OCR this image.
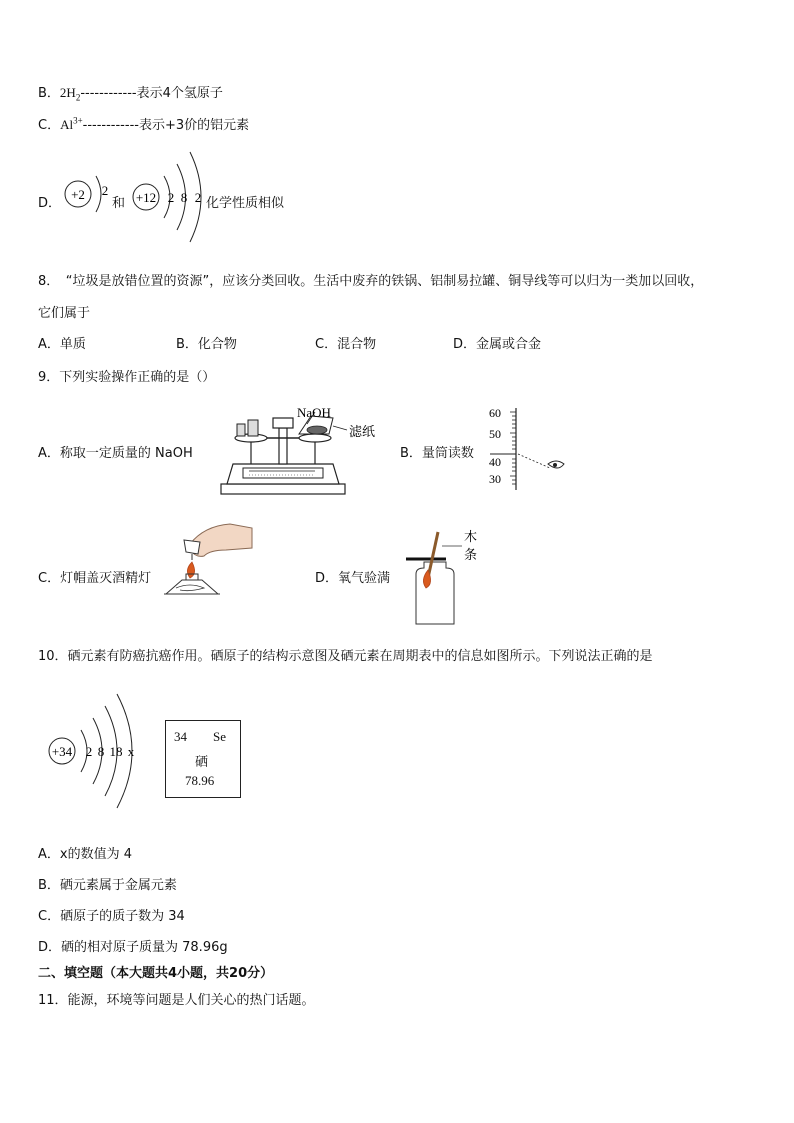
B．$2H_2------------$表示4个氢原子
C．$Al^{3+}------------$表示+3价的铝元素
D．
+2 2 +12 2 8 2
和	化学性质相似
8．　“垃圾是放错位置的资源”，应该分类回收。生活中废弃的铁锅、铝制易拉罐、铜导线等可以归为一类加以回收，
它们属于
A．单质	B．化合物	C．混合物	D．金属或合金
9．下列实验操作正确的是（）
A．称取一定质量的 NaOH
NaOH
滤纸
B．量筒读数
60
50
40
30
C．灯帽盖灭酒精灯	D．氧气验满
木
条
10．硒元素有防癌抗癌作用。硒原子的结构示意图及硒元素在周期表中的信息如图所示。下列说法正确的是
+34 2 8 18 x
34 Se
硒
78.96
A．x的数值为 4
B．硒元素属于金属元素
C．硒原子的质子数为 34
D．硒的相对原子质量为 78.96g
二、填空题（本大题共4小题，共20分）
11．能源，环境等问题是人们关心的热门话题。
